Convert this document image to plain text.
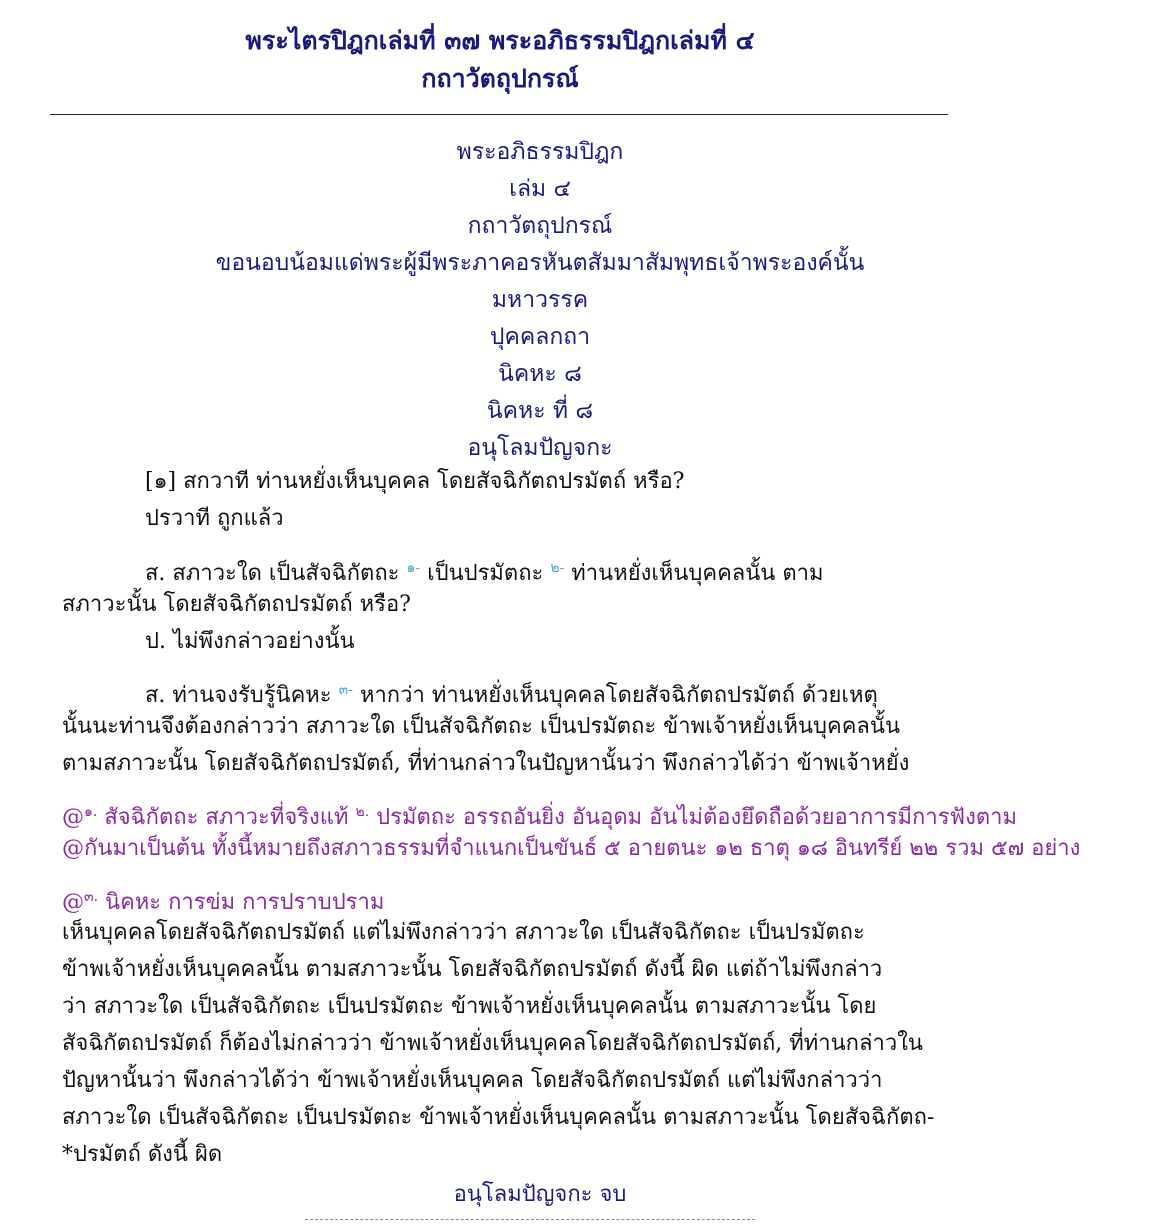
พระไตรปิฎกเล่มที่ ๓๗ พระอภิธรรมปิฎกเล่มที่ ๔
กถาวัตถุปกรณ์
พระอภิธรรมปิฎก
เล่ม ๔
กถาวัตถุปกรณ์
ขอนอบน้อมแด่พระผู้มีพระภาคอรหันตสัมมาสัมพุทธเจ้าพระองค์นั้น
มหาวรรค
ปุคคลกถา
นิคหะ ๘
นิคหะ ที่ ๘
อนุโลมปัญจกะ
[๑] สกวาที ท่านหยั่งเห็นบุคคล โดยสัจฉิกัตถปรมัตถ์ หรือ?
ปรวาที ถูกแล้ว
ส. สภาวะใด เป็นสัจฉิกัตถะ $^{๑-}$ เป็นปรมัตถะ $^{๒-}$ ท่านหยั่งเห็นบุคคลนั้น ตาม
สภาวะนั้น โดยสัจฉิกัตถปรมัตถ์ หรือ?
ป. ไม่พึงกล่าวอย่างนั้น
ส. ท่านจงรับรู้นิคหะ $^{๓-}$ หากว่า ท่านหยั่งเห็นบุคคลโดยสัจฉิกัตถปรมัตถ์ ด้วยเหตุ
นั้นนะท่านจึงต้องกล่าวว่า สภาวะใด เป็นสัจฉิกัตถะ เป็นปรมัตถะ ข้าพเจ้าหยั่งเห็นบุคคลนั้น
ตามสภาวะนั้น โดยสัจฉิกัตถปรมัตถ์, ที่ท่านกล่าวในปัญหานั้นว่า พึงกล่าวได้ว่า ข้าพเจ้าหยั่ง
@$^{๑.}$ สัจฉิกัตถะ สภาวะที่จริงแท้ $^{๒.}$ ปรมัตถะ อรรถอันยิ่ง อันอุดม อันไม่ต้องยึดถือด้วยอาการมีการฟังตาม
@กันมาเป็นต้น ทั้งนี้หมายถึงสภาวธรรมที่จำแนกเป็นขันธ์ ๕ อายตนะ ๑๒ ธาตุ ๑๘ อินทรีย์ ๒๒ รวม ๕๗ อย่าง
@$^{๓.}$ นิคหะ การข่ม การปราบปราม
เห็นบุคคลโดยสัจฉิกัตถปรมัตถ์ แต่ไม่พึงกล่าวว่า สภาวะใด เป็นสัจฉิกัตถะ เป็นปรมัตถะ
ข้าพเจ้าหยั่งเห็นบุคคลนั้น ตามสภาวะนั้น โดยสัจฉิกัตถปรมัตถ์ ดังนี้ ผิด แต่ถ้าไม่พึงกล่าว
ว่า สภาวะใด เป็นสัจฉิกัตถะ เป็นปรมัตถะ ข้าพเจ้าหยั่งเห็นบุคคลนั้น ตามสภาวะนั้น โดย
สัจฉิกัตถปรมัตถ์ ก็ต้องไม่กล่าวว่า ข้าพเจ้าหยั่งเห็นบุคคลโดยสัจฉิกัตถปรมัตถ์, ที่ท่านกล่าวใน
ปัญหานั้นว่า พึงกล่าวได้ว่า ข้าพเจ้าหยั่งเห็นบุคคล โดยสัจฉิกัตถปรมัตถ์ แต่ไม่พึงกล่าวว่า
สภาวะใด เป็นสัจฉิกัตถะ เป็นปรมัตถะ ข้าพเจ้าหยั่งเห็นบุคคลนั้น ตามสภาวะนั้น โดยสัจฉิกัตถ-
*ปรมัตถ์ ดังนี้ ผิด
อนุโลมปัญจกะ จบ
